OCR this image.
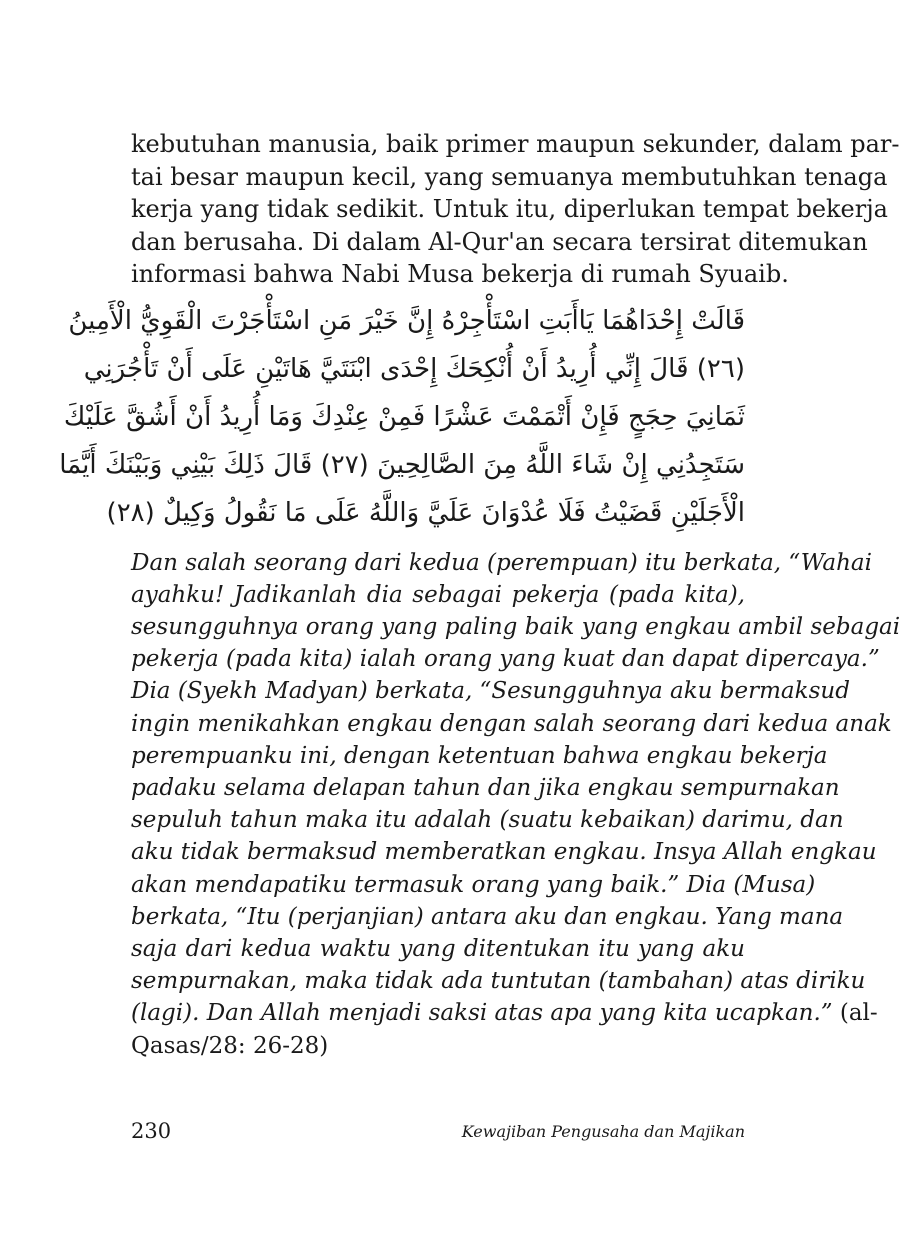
kebutuhan manusia, baik primer maupun sekunder, dalam par-
tai besar maupun kecil, yang semuanya membutuhkan tenaga
kerja yang tidak sedikit. Untuk itu, diperlukan tempat bekerja
dan berusaha. Di dalam Al-Qur'an secara tersirat ditemukan
informasi bahwa Nabi Musa bekerja di rumah Syuaib.
قَالَتْ إِحْدَاهُمَا يَاأَبَتِ اسْتَأْجِرْهُ إِنَّ خَيْرَ مَنِ اسْتَأْجَرْتَ الْقَوِيُّ الْأَمِينُ
(٢٦) قَالَ إِنِّي أُرِيدُ أَنْ أُنْكِحَكَ إِحْدَى ابْنَتَيَّ هَاتَيْنِ عَلَى أَنْ تَأْجُرَنِي
ثَمَانِيَ حِجَجٍ فَإِنْ أَتْمَمْتَ عَشْرًا فَمِنْ عِنْدِكَ وَمَا أُرِيدُ أَنْ أَشُقَّ عَلَيْكَ
سَتَجِدُنِي إِنْ شَاءَ اللَّهُ مِنَ الصَّالِحِينَ (٢٧) قَالَ ذَلِكَ بَيْنِي وَبَيْنَكَ أَيَّمَا
الْأَجَلَيْنِ قَضَيْتُ فَلَا عُدْوَانَ عَلَيَّ وَاللَّهُ عَلَى مَا نَقُولُ وَكِيلٌ (٢٨)
Dan salah seorang dari kedua (perempuan) itu berkata, “Wahai
ayahku! Jadikanlah dia sebagai pekerja (pada kita),
sesungguhnya orang yang paling baik yang engkau ambil sebagai
pekerja (pada kita) ialah orang yang kuat dan dapat dipercaya.”
Dia (Syekh Madyan) berkata, “Sesungguhnya aku bermaksud
ingin menikahkan engkau dengan salah seorang dari kedua anak
perempuanku ini, dengan ketentuan bahwa engkau bekerja
padaku selama delapan tahun dan jika engkau sempurnakan
sepuluh tahun maka itu adalah (suatu kebaikan) darimu, dan
aku tidak bermaksud memberatkan engkau. Insya Allah engkau
akan mendapatiku termasuk orang yang baik.” Dia (Musa)
berkata, “Itu (perjanjian) antara aku dan engkau. Yang mana
saja dari kedua waktu yang ditentukan itu yang aku
sempurnakan, maka tidak ada tuntutan (tambahan) atas diriku
(lagi). Dan Allah menjadi saksi atas apa yang kita ucapkan.” (al-
Qasas/28: 26-28)
230	Kewajiban Pengusaha dan Majikan
